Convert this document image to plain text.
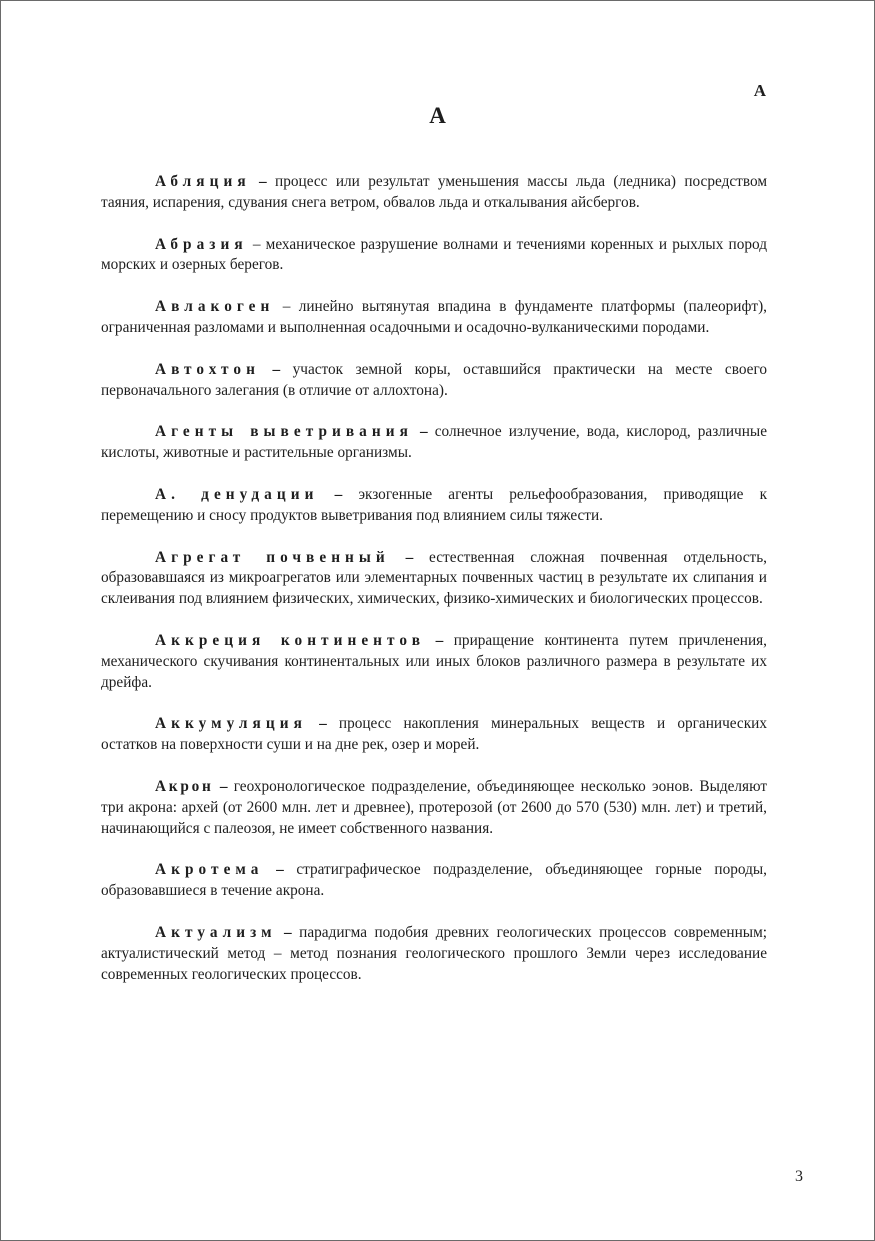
А
А

Абляция – процесс или результат уменьшения массы льда (ледника) посредством таяния, испарения, сдувания снега ветром, обвалов льда и откалывания айсбергов.

Абразия – механическое разрушение волнами и течениями коренных и рыхлых пород морских и озерных берегов.

Авлакоген – линейно вытянутая впадина в фундаменте платформы (палеорифт), ограниченная разломами и выполненная осадочными и осадочно-вулканическими породами.

Автохтон – участок земной коры, оставшийся практически на месте своего первоначального залегания (в отличие от аллохтона).

Агенты выветривания – солнечное излучение, вода, кислород, различные кислоты, животные и растительные организмы.

А. денудации – экзогенные агенты рельефообразования, приводящие к перемещению и сносу продуктов выветривания под влиянием силы тяжести.

Агрегат почвенный – естественная сложная почвенная отдельность, образовавшаяся из микроагрегатов или элементарных почвенных частиц в результате их слипания и склеивания под влиянием физических, химических, физико-химических и биологических процессов.

Аккреция континентов – приращение континента путем причленения, механического скучивания континентальных или иных блоков различного размера в результате их дрейфа.

Аккумуляция – процесс накопления минеральных веществ и органических остатков на поверхности суши и на дне рек, озер и морей.

Акрон – геохронологическое подразделение, объединяющее несколько эонов. Выделяют три акрона: архей (от 2600 млн. лет и древнее), протерозой (от 2600 до 570 (530) млн. лет) и третий, начинающийся с палеозоя, не имеет собственного названия.

Акротема – стратиграфическое подразделение, объединяющее горные породы, образовавшиеся в течение акрона.

Актуализм – парадигма подобия древних геологических процессов современным; актуалистический метод – метод познания геологического прошлого Земли через исследование современных геологических процессов.

3
